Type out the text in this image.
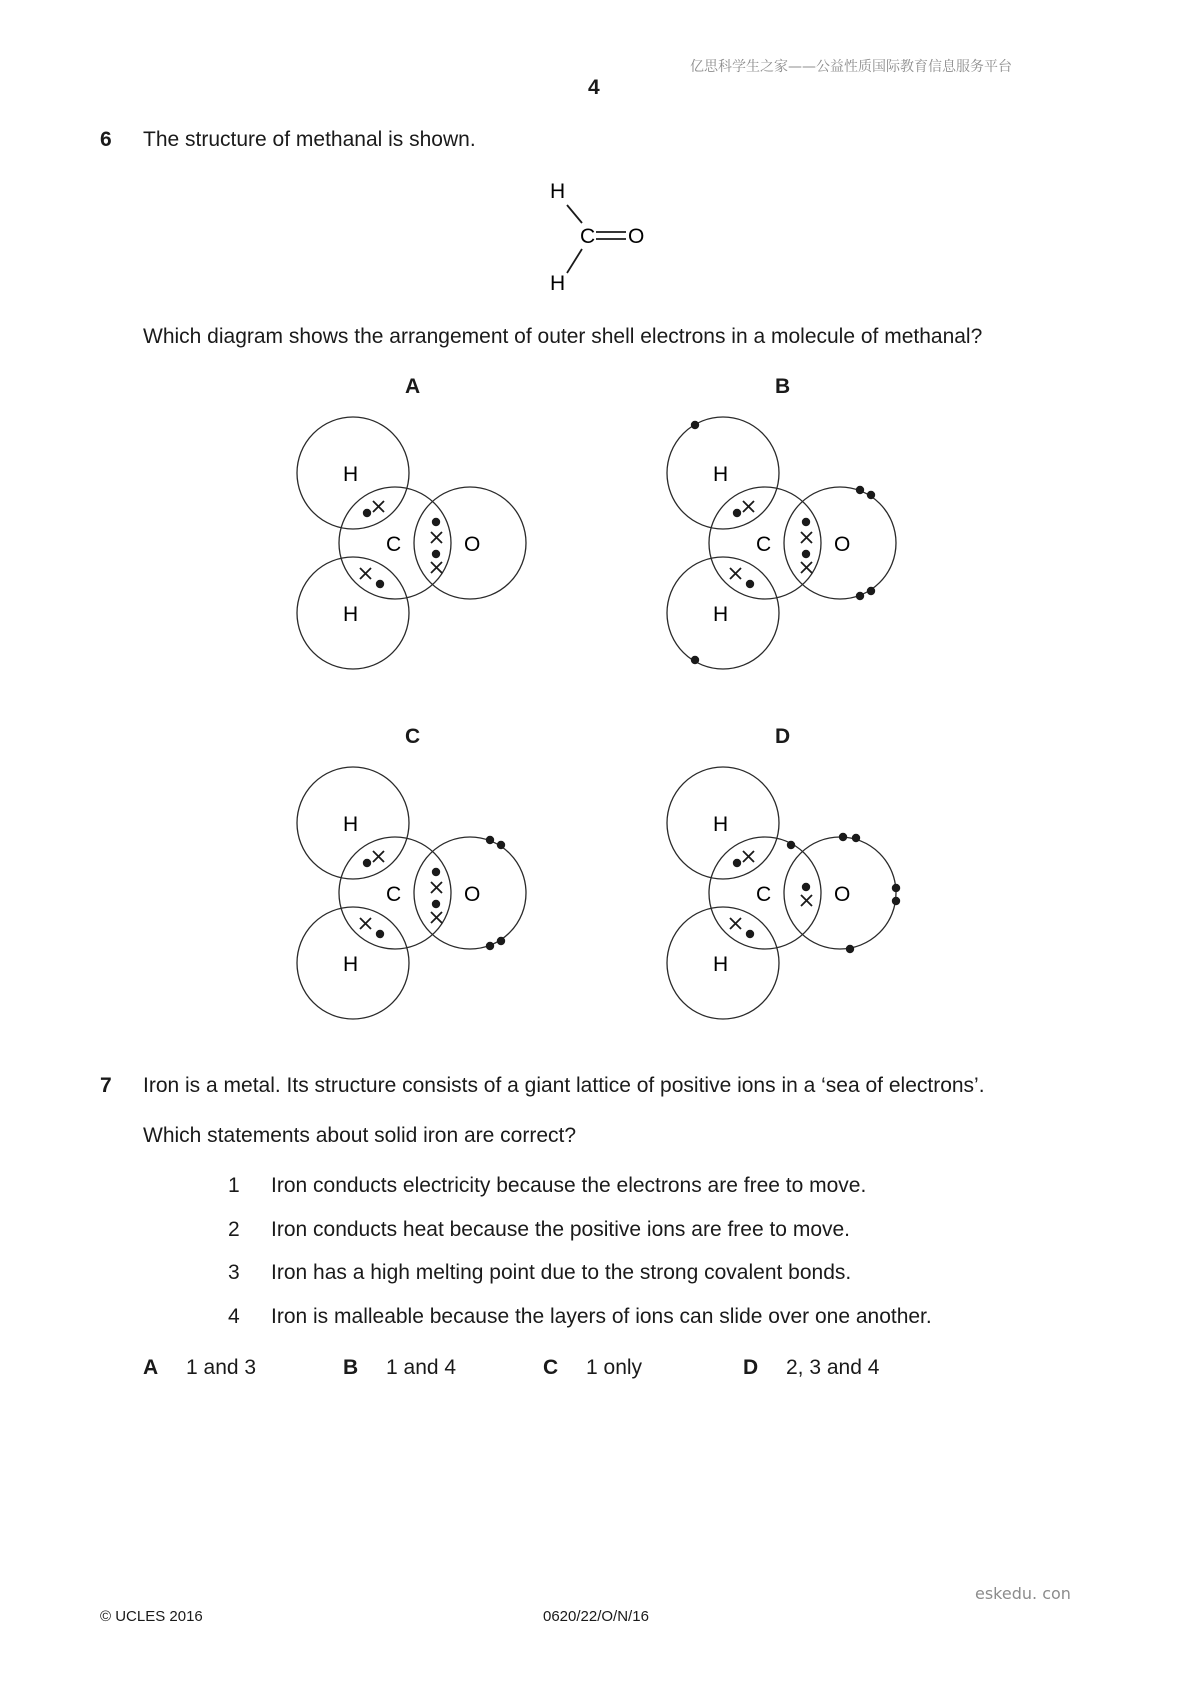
亿思科学生之家——公益性质国际教育信息服务平台
4
6 The structure of methanal is shown.
H
C O
H
Which diagram shows the arrangement of outer shell electrons in a molecule of methanal?
A
H
C	O
H
B
H
C	O
H
C
H
C	O
H
D
H
C	O
H
7 Iron is a metal. Its structure consists of a giant lattice of positive ions in a ‘sea of electrons’.
Which statements about solid iron are correct?
1 Iron conducts electricity because the electrons are free to move.
2 Iron conducts heat because the positive ions are free to move.
3 Iron has a high melting point due to the strong covalent bonds.
4 Iron is malleable because the layers of ions can slide over one another.
A 1 and 3	B 1 and 4	C 1 only	D 2, 3 and 4
eskedu. con
© UCLES 2016	0620/22/O/N/16
